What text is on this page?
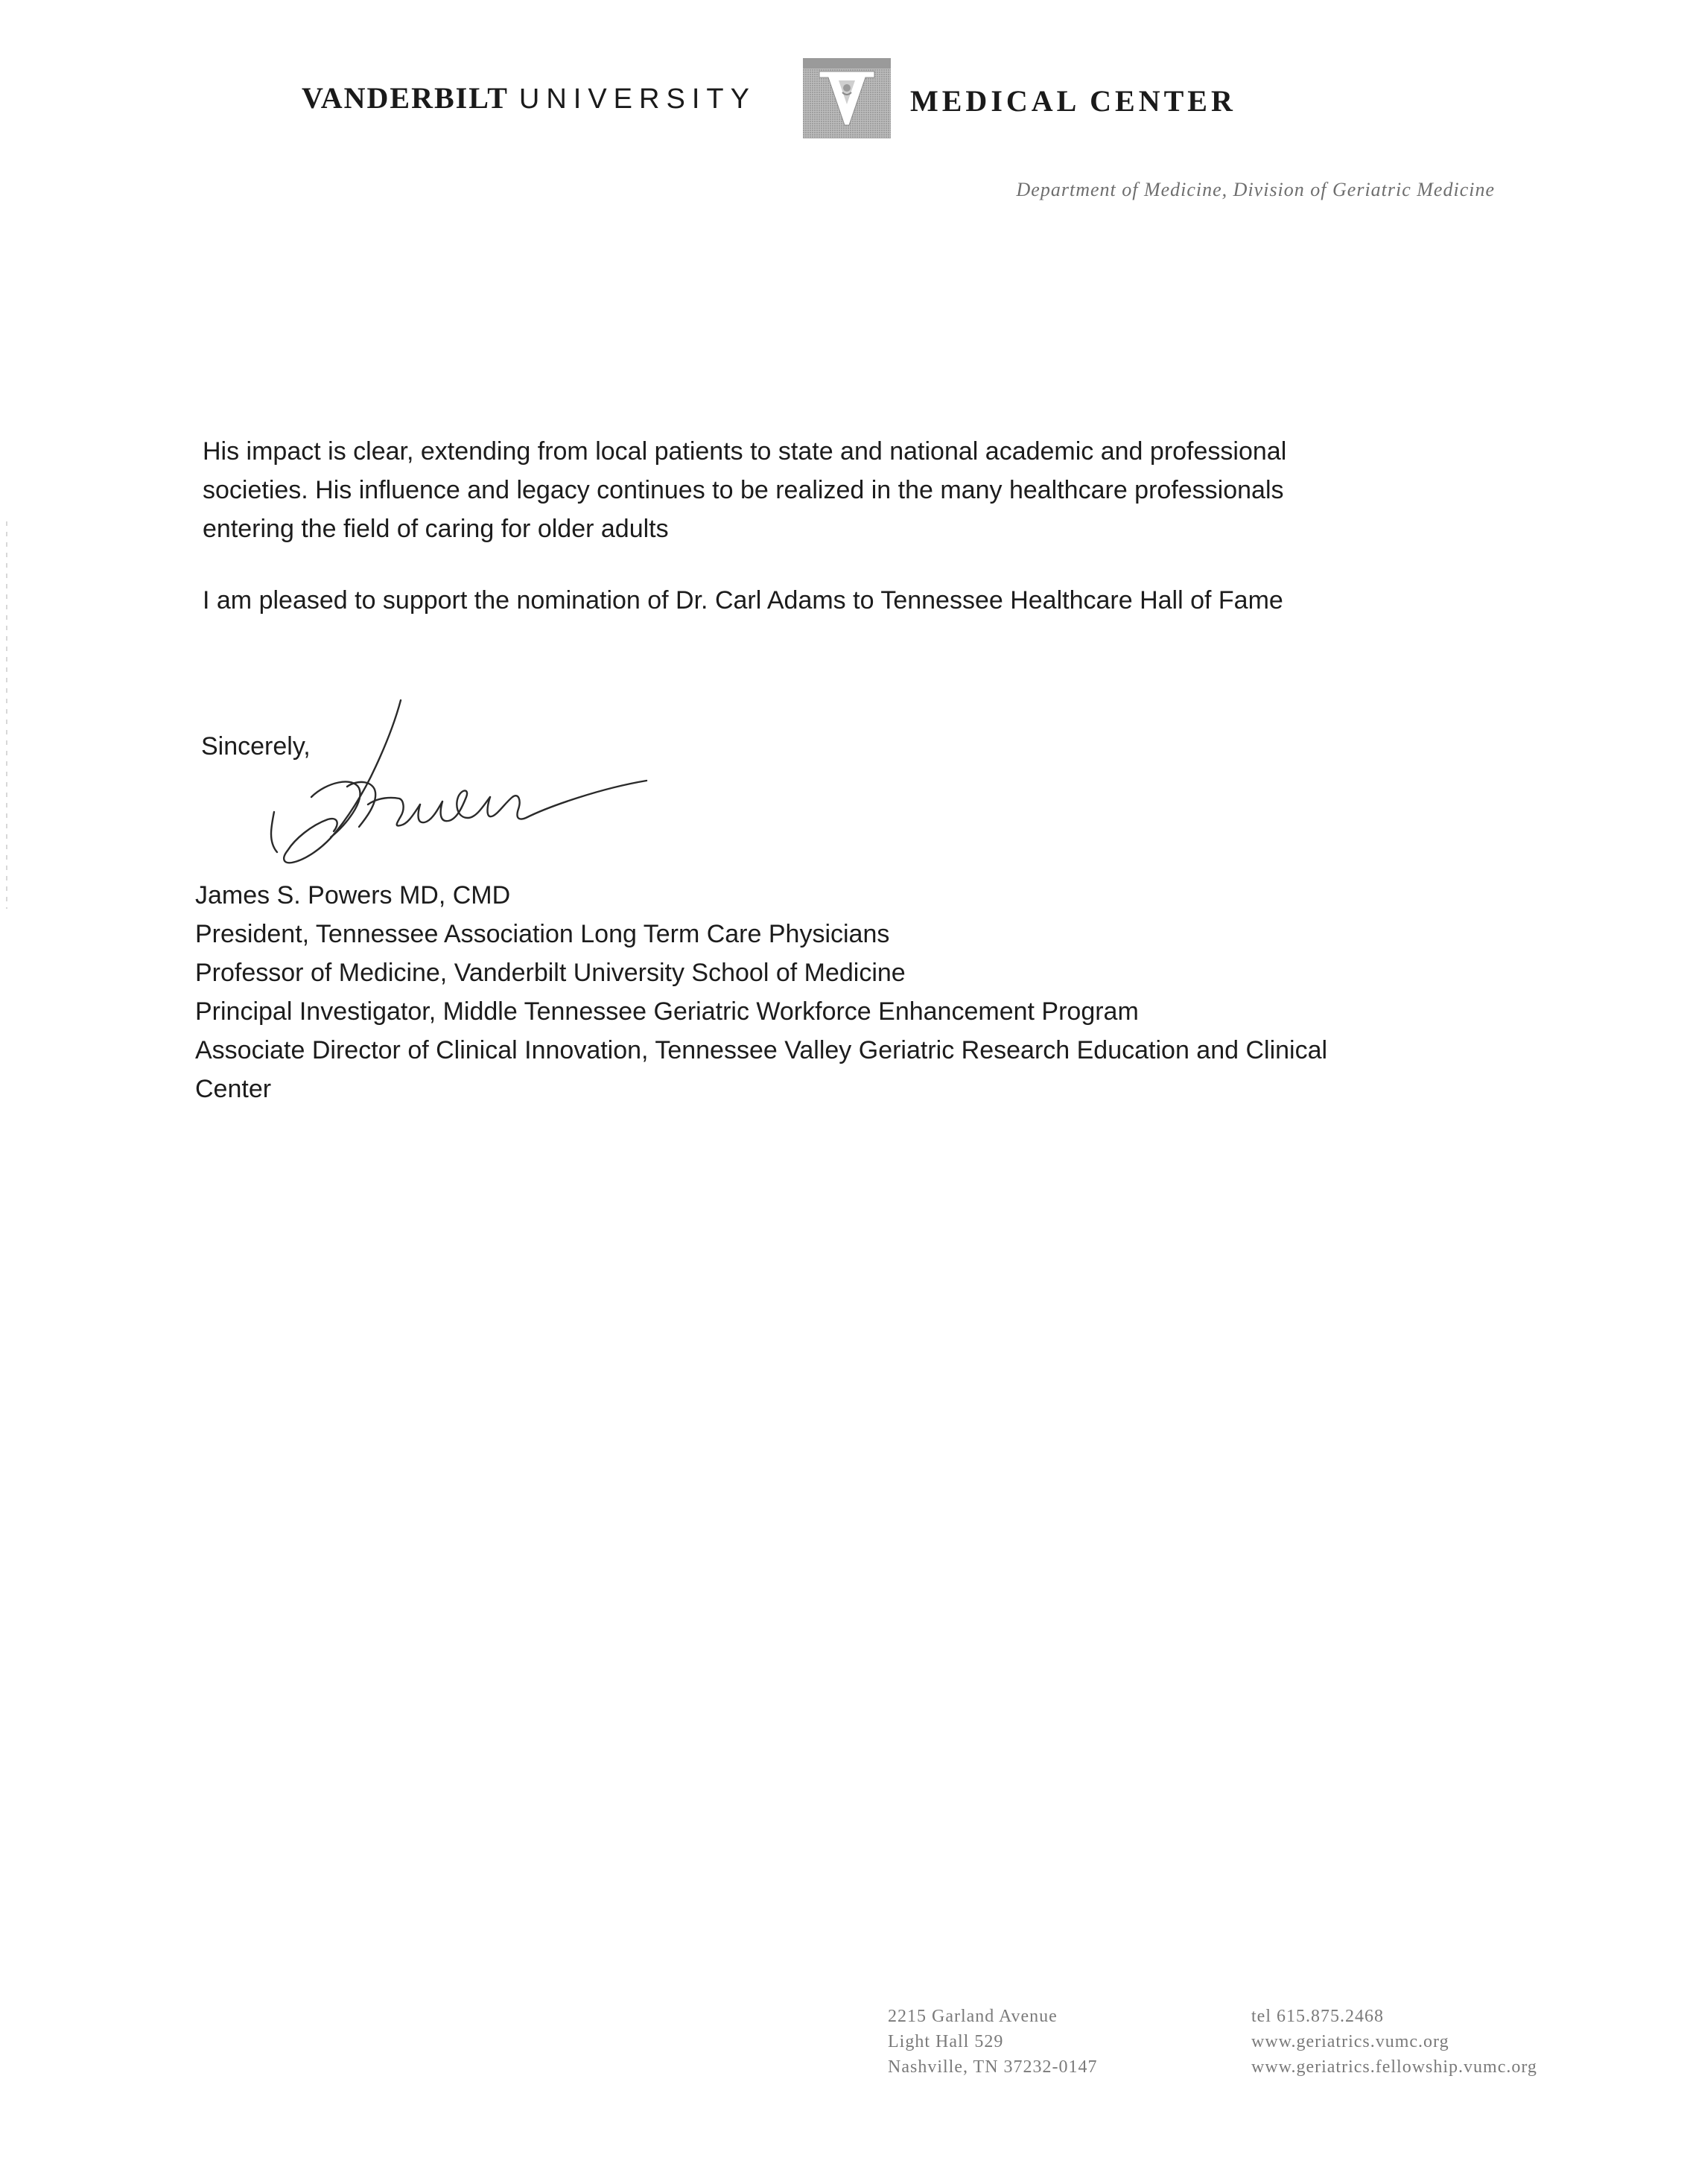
VANDERBILT UNIVERSITY	MEDICAL CENTER
Department of Medicine, Division of Geriatric Medicine

His impact is clear, extending from local patients to state and national academic and professional

societies. His influence and legacy continues to be realized in the many healthcare professionals

entering the field of caring for older adults

I am pleased to support the nomination of Dr. Carl Adams to Tennessee Healthcare Hall of Fame

Sincerely,

James S. Powers MD, CMD

President, Tennessee Association Long Term Care Physicians

Professor of Medicine, Vanderbilt University School of Medicine

Principal Investigator, Middle Tennessee Geriatric Workforce Enhancement Program

Associate Director of Clinical Innovation, Tennessee Valley Geriatric Research Education and Clinical

Center

2215 Garland Avenue
Light Hall 529
Nashville, TN 37232-0147
tel 615.875.2468
www.geriatrics.vumc.org
www.geriatrics.fellowship.vumc.org
